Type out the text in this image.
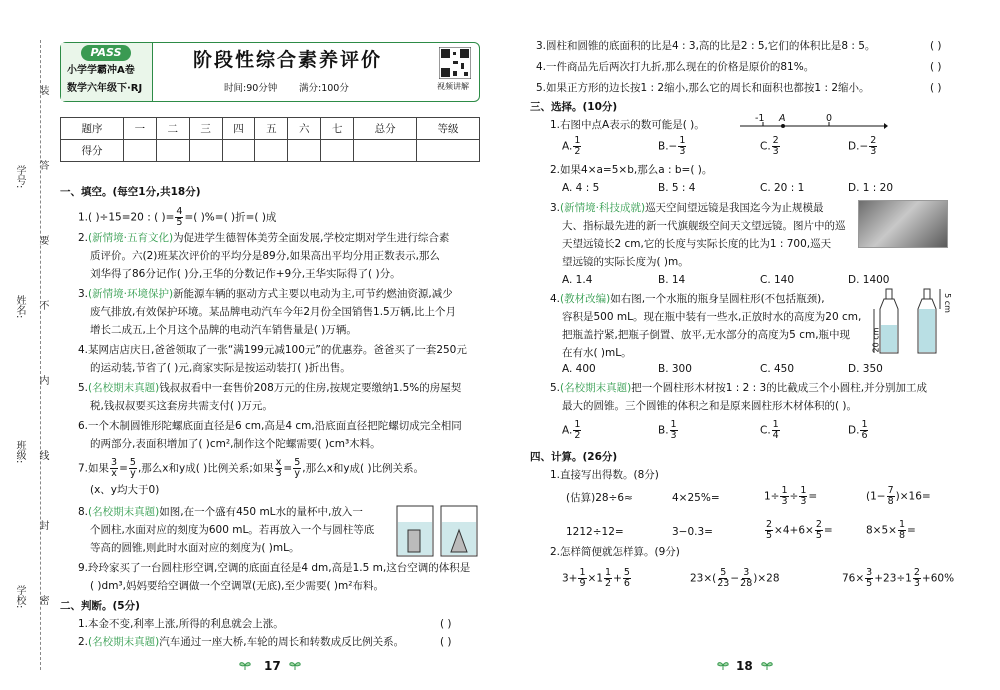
学校:
班级:
姓名:
学号:
装
答
要
不
内
线
封
密
PASS
小学学霸冲A卷
数学六年级下·RJ
阶段性综合素养评价
时间:90分钟 满分:100分	视频讲解
题序	一	二	三	四	五	六	七	总分	等级
得分									
一、填空。(每空1分,共18分)
1.( )÷15=20 : ( )= $\frac{4}{5}$ =( )%=( )折=( )成
2.(新情境·五育文化)为促进学生德智体美劳全面发展,学校定期对学生进行综合素
质评价。六(2)班某次评价的平均分是89分,如果高出平均分用正数表示,那么
刘华得了86分记作( )分,王华的分数记作+9分,王华实际得了( )分。
3.(新情境·环境保护)新能源车辆的驱动方式主要以电动为主,可节约燃油资源,减少
废气排放,有效保护环境。某品牌电动汽车今年2月份全国销售1.5万辆,比上个月
增长二成五,上个月这个品牌的电动汽车销售量是( )万辆。
4.某网店店庆日,爸爸领取了一张“满199元减100元”的优惠券。爸爸买了一套250元
的运动装,节省了( )元,商家实际是按运动装打( )折出售。
5.(名校期末真题)钱叔叔看中一套售价208万元的住房,按规定要缴纳1.5%的房屋契
税,钱叔叔要买这套房共需支付( )万元。
6.一个木制圆锥形陀螺底面直径是6 cm,高是4 cm,沿底面直径把陀螺切成完全相同
的两部分,表面积增加了( )cm²,制作这个陀螺需要( )cm³木料。
7.如果 $\frac{3}{x} = \frac{5}{y}$ ,那么x和y成( )比例关系;如果 $\frac{x}{3} = \frac{5}{y}$ ,那么x和y成( )比例关系。
(x、y均大于0)
8.(名校期末真题)如图,在一个盛有450 mL水的量杯中,放入一
个圆柱,水面对应的刻度为600 mL。若再放入一个与圆柱等底
等高的圆锥,则此时水面对应的刻度为( )mL。
9.玲玲家买了一台圆柱形空调,空调的底面直径是4 dm,高是1.5 m,这台空调的体积是
( )dm³,妈妈要给空调做一个空调罩(无底),至少需要( )m²布料。
二、判断。(5分)
1.本金不变,利率上涨,所得的利息就会上涨。	( )
2.(名校期末真题)汽车通过一座大桥,车轮的周长和转数成反比例关系。	( )
17
3.圆柱和圆锥的底面积的比是4 : 3,高的比是2 : 5,它们的体积比是8 : 5。	( )
4.一件商品先后两次打九折,那么现在的价格是原价的81%。	( )
5.如果正方形的边长按1 : 2缩小,那么它的周长和面积也都按1 : 2缩小。	( )
三、选择。(10分)
1.右图中点A表示的数可能是( )。
-1 A	0
A. $\frac{1}{2}$	$B.- \frac{1}{3}$	C. $\frac{2}{3}$	$D.- \frac{2}{3}$
2.如果4×a=5×b,那么a : b=( )。
A. 4 : 5	B. 5 : 4	C. 20 : 1	D. 1 : 20
3.(新情境·科技成就)巡天空间望远镜是我国迄今为止规模最
大、指标最先进的新一代旗舰级空间天文望远镜。图片中的巡
天望远镜长2 cm,它的长度与实际长度的比为1 : 700,巡天
望远镜的实际长度为( )m。
A. 1.4	B. 14	C. 140	D. 1400
4.(教材改编)如右图,一个水瓶的瓶身呈圆柱形(不包括瓶颈),
容积是500 mL。现在瓶中装有一些水,正放时水的高度为20 cm,
把瓶盖拧紧,把瓶子倒置、放平,无水部分的高度为5 cm,瓶中现
在有水( )mL。
20 cm
5 cm
A. 400	B. 300	C. 450	D. 350
5.(名校期末真题)把一个圆柱形木材按1 : 2 : 3的比截成三个小圆柱,并分别加工成
最大的圆锥。三个圆锥的体积之和是原来圆柱形木材体积的( )。
A. $\frac{1}{2}$	B. $\frac{1}{3}$	C. $\frac{1}{4}$	D. $\frac{1}{6}$
四、计算。(26分)
1.直接写出得数。(8分)
(估算)28÷6≈	4×25%=	$1\div \frac{1}{3} \div \frac{1}{3}$ =	$(1- \frac{7}{8} )\times 16=$
1212÷12=	3−0.3=	$\frac{2}{5} \times 4+6\times \frac{2}{5}$ =	$8\times 5\times \frac{1}{8}$ =
2.怎样简便就怎样算。(9分)
$3+ \frac{1}{9} \times 1 \frac{1}{2} + \frac{5}{6}$	$23\times( \frac{5}{23} - \frac{3}{28} )\times 28$	$76\times \frac{3}{5} +23\div 1 \frac{2}{3} +60\%$
18
